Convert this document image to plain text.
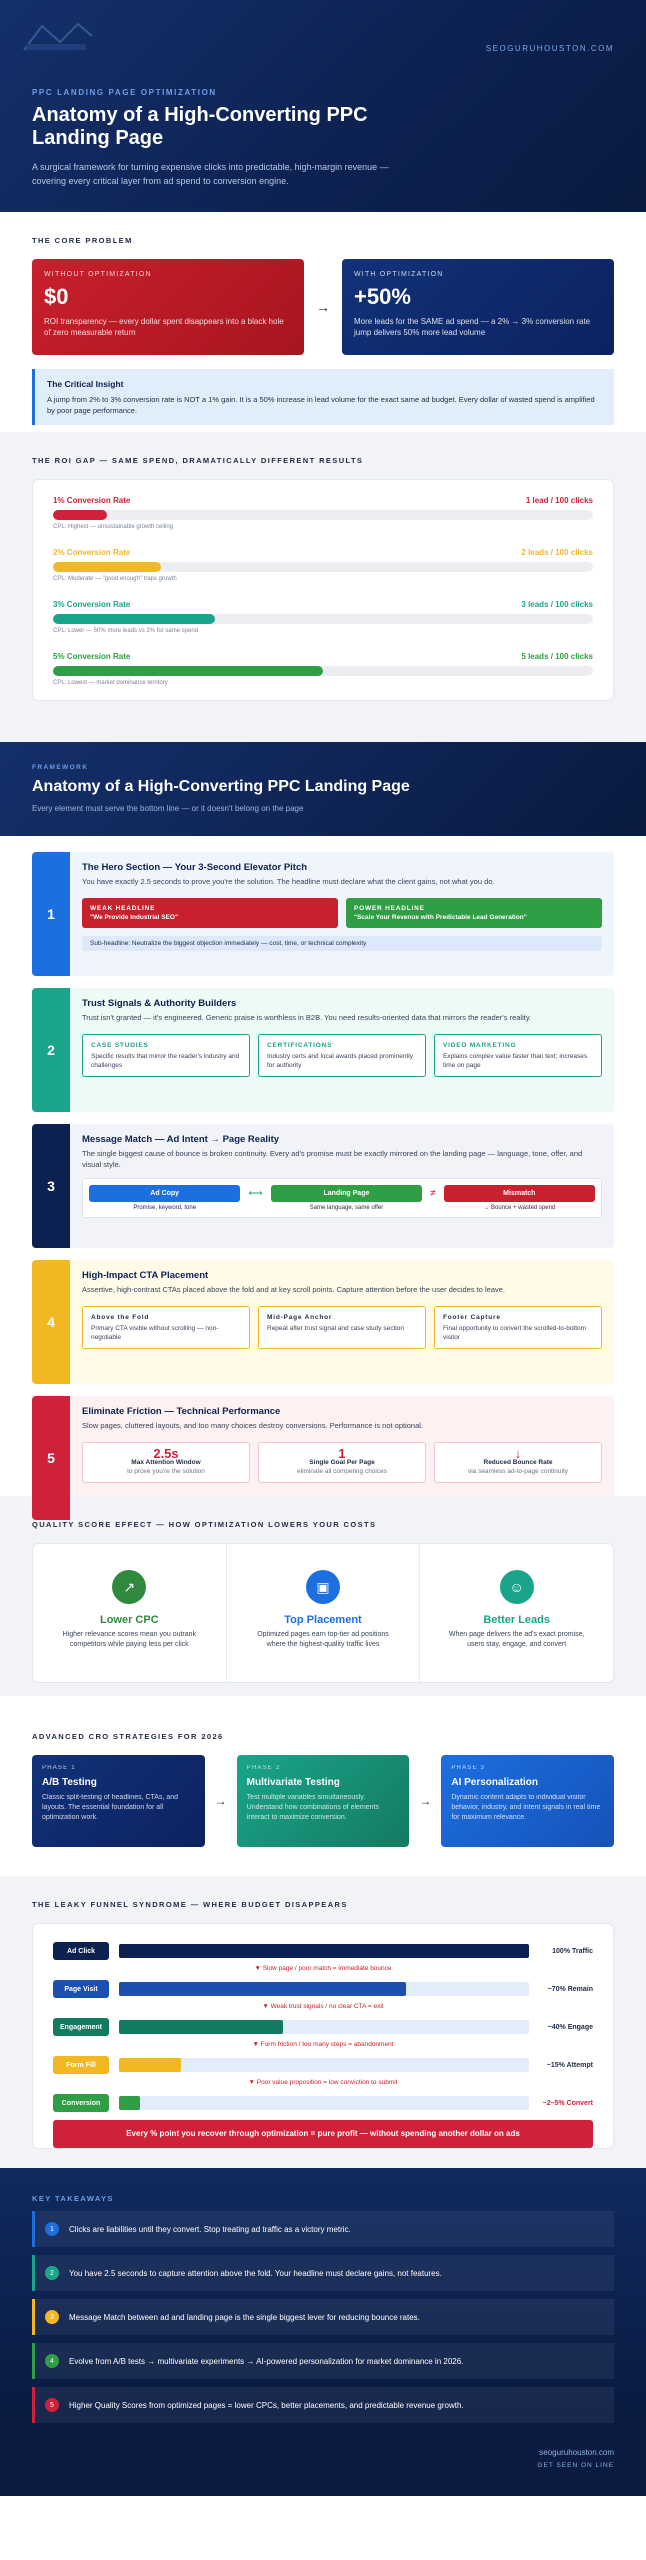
SEOGURUHOUSTON.COM
PPC LANDING PAGE OPTIMIZATION
Anatomy of a High-Converting PPC Landing Page

A surgical framework for turning expensive clicks into predictable, high-margin revenue — covering every critical layer from ad spend to conversion engine.

THE CORE PROBLEM
WITHOUT OPTIMIZATION
$0
ROI transparency — every dollar spent disappears into a black hole of zero measurable return
→
WITH OPTIMIZATION
+50%
More leads for the SAME ad spend — a 2% → 3% conversion rate jump delivers 50% more lead volume
The Critical Insight
A jump from 2% to 3% conversion rate is NOT a 1% gain. It is a 50% increase in lead volume for the exact same ad budget. Every dollar of wasted spend is amplified by poor page performance.
THE ROI GAP — SAME SPEND, DRAMATICALLY DIFFERENT RESULTS
1% Conversion Rate	1 lead / 100 clicks
CPL: Highest — unsustainable growth ceiling
2% Conversion Rate	2 leads / 100 clicks
CPL: Moderate — "good enough" traps growth
3% Conversion Rate	3 leads / 100 clicks
CPL: Lower — 50% more leads vs 2% for same spend
5% Conversion Rate	5 leads / 100 clicks
CPL: Lowest — market dominance territory
FRAMEWORK
Anatomy of a High-Converting PPC Landing Page

Every element must serve the bottom line — or it doesn't belong on the page

1
The Hero Section — Your 3-Second Elevator Pitch
You have exactly 2.5 seconds to prove you're the solution. The headline must declare what the client gains, not what you do.
WEAK HEADLINE
"We Provide Industrial SEO"
POWER HEADLINE
"Scale Your Revenue with Predictable Lead Generation"
Sub-headline: Neutralize the biggest objection immediately — cost, time, or technical complexity
2
Trust Signals & Authority Builders
Trust isn't granted — it's engineered. Generic praise is worthless in B2B. You need results-oriented data that mirrors the reader's reality.
CASE STUDIES
Specific results that mirror the reader's industry and challenges
CERTIFICATIONS
Industry certs and local awards placed prominently for authority
VIDEO MARKETING
Explains complex value faster than text; increases time on page
3
Message Match — Ad Intent → Page Reality
The single biggest cause of bounce is broken continuity. Every ad's promise must be exactly mirrored on the landing page — language, tone, offer, and visual style.
Ad Copy
Promise, keyword, tone
⟷	Landing Page
Same language, same offer
≠	Mismatch
→ Bounce + wasted spend
4
High-Impact CTA Placement
Assertive, high-contrast CTAs placed above the fold and at key scroll points. Capture attention before the user decides to leave.
Above the Fold
Primary CTA visible without scrolling — non-negotiable
Mid-Page Anchor
Repeat after trust signal and case study section
Footer Capture
Final opportunity to convert the scrolled-to-bottom visitor
5
Eliminate Friction — Technical Performance
Slow pages, cluttered layouts, and too many choices destroy conversions. Performance is not optional.
2.5s
Max Attention Window
to prove you're the solution
1
Single Goal Per Page
eliminate all competing choices
↓
Reduced Bounce Rate
via seamless ad-to-page continuity
QUALITY SCORE EFFECT — HOW OPTIMIZATION LOWERS YOUR COSTS
↗
Lower CPC
Higher relevance scores mean you outrank competitors while paying less per click
▣
Top Placement
Optimized pages earn top-tier ad positions where the highest-quality traffic lives
☺
Better Leads
When page delivers the ad's exact promise, users stay, engage, and convert
ADVANCED CRO STRATEGIES FOR 2026
PHASE 1
A/B Testing
Classic split-testing of headlines, CTAs, and layouts. The essential foundation for all optimization work.
→
PHASE 2
Multivariate Testing
Test multiple variables simultaneously. Understand how combinations of elements interact to maximize conversion.
→
PHASE 3
AI Personalization
Dynamic content adapts to individual visitor behavior, industry, and intent signals in real time for maximum relevance.
THE LEAKY FUNNEL SYNDROME — WHERE BUDGET DISAPPEARS
Ad Click	100% Traffic
▼ Slow page / poor match = immediate bounce
Page Visit	~70% Remain
▼ Weak trust signals / no clear CTA = exit
Engagement	~40% Engage
▼ Form friction / too many steps = abandonment
Form Fill	~15% Attempt
▼ Poor value proposition = low conviction to submit
Conversion	~2–5% Convert
Every % point you recover through optimization = pure profit — without spending another dollar on ads
KEY TAKEAWAYS
1	Clicks are liabilities until they convert. Stop treating ad traffic as a victory metric.
2	You have 2.5 seconds to capture attention above the fold. Your headline must declare gains, not features.
3	Message Match between ad and landing page is the single biggest lever for reducing bounce rates.
4	Evolve from A/B tests → multivariate experiments → AI-powered personalization for market dominance in 2026.
5	Higher Quality Scores from optimized pages = lower CPCs, better placements, and predictable revenue growth.
seoguruhouston.com
GET SEEN ON LINE
